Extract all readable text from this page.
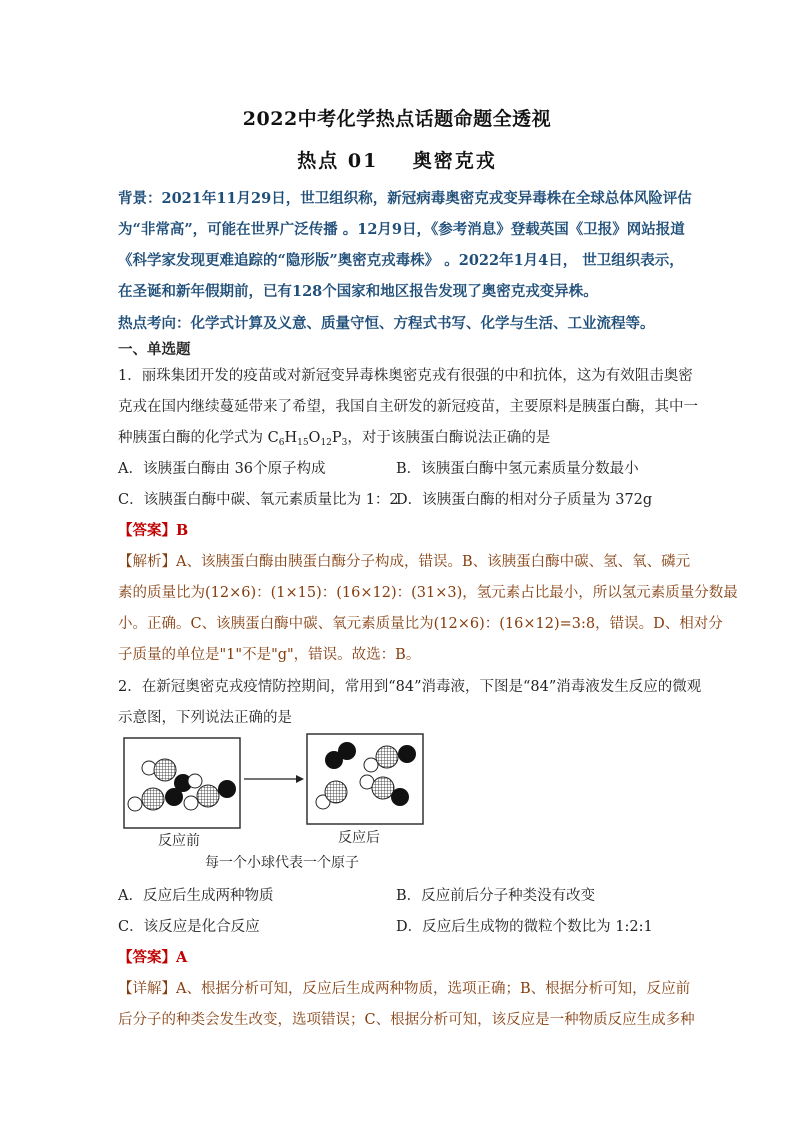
2022中考化学热点话题命题全透视
热点 01    奥密克戎
背景：2021年11月29日，世卫组织称，新冠病毒奥密克戎变异毒株在全球总体风险评估
为“非常高”，可能在世界广泛传播 。12月9日，《参考消息》登载英国《卫报》网站报道
《科学家发现更难追踪的“隐形版”奥密克戎毒株》 。2022年1月4日， 世卫组织表示，
在圣诞和新年假期前，已有128个国家和地区报告发现了奥密克戎变异株。
热点考向：化学式计算及义意、质量守恒、方程式书写、化学与生活、工业流程等。
一、单选题
1．丽珠集团开发的疫苗或对新冠变异毒株奥密克戎有很强的中和抗体，这为有效阻击奥密
克戎在国内继续蔓延带来了希望，我国自主研发的新冠疫苗，主要原料是胰蛋白酶，其中一
种胰蛋白酶的化学式为 $C_6H_{15}O_{12}P_3$，对于该胰蛋白酶说法正确的是
A．该胰蛋白酶由 36个原子构成	B．该胰蛋白酶中氢元素质量分数最小
C．该胰蛋白酶中碳、氧元素质量比为 1：2
D．该胰蛋白酶的相对分子质量为 372g
【答案】B
【解析】A、该胰蛋白酶由胰蛋白酶分子构成，错误。B、该胰蛋白酶中碳、氢、氧、磷元
素的质量比为(12×6)：(1×15)：(16×12)：(31×3)，氢元素占比最小，所以氢元素质量分数最
小。正确。C、该胰蛋白酶中碳、氧元素质量比为(12×6)：(16×12)=3:8，错误。D、相对分
子质量的单位是"1"不是"g"，错误。故选：B。
2．在新冠奥密克戎疫情防控期间，常用到“84”消毒液，下图是“84”消毒液发生反应的微观
示意图，下列说法正确的是
反应前	反应后
每一个小球代表一个原子
A．反应后生成两种物质	B．反应前后分子种类没有改变
C．该反应是化合反应	D．反应后生成物的微粒个数比为 1:2:1
【答案】A
【详解】A、根据分析可知，反应后生成两种物质，选项正确；B、根据分析可知，反应前
后分子的种类会发生改变，选项错误；C、根据分析可知，该反应是一种物质反应生成多种
